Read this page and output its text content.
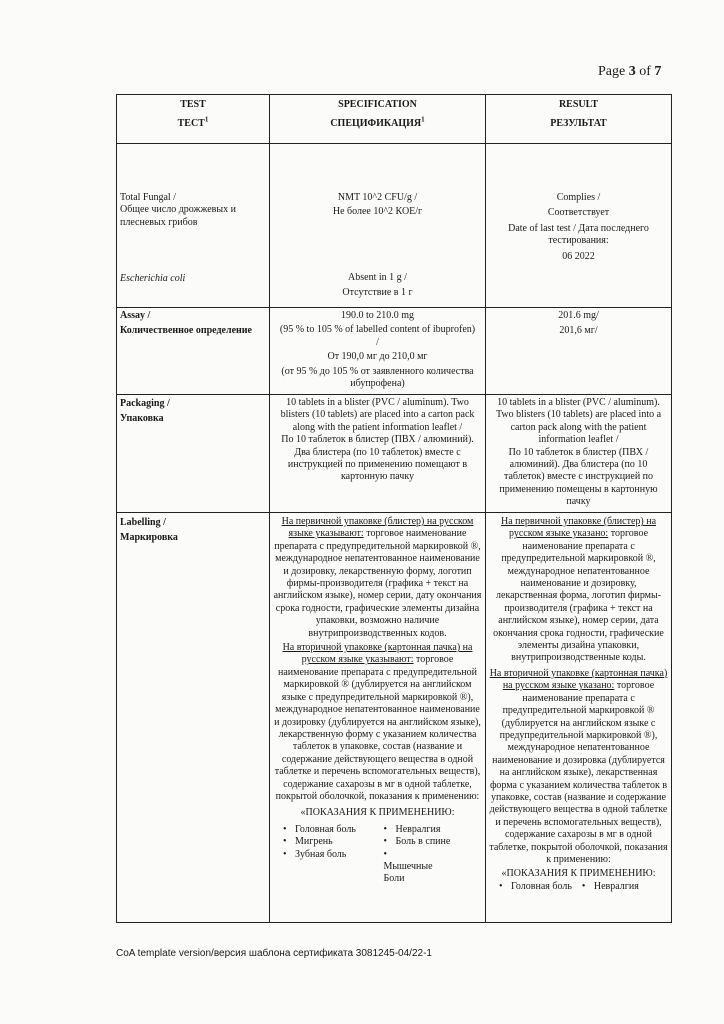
Page 3 of 7
TEST
ТЕСТ$^1$

SPECIFICATION
СПЕЦИФИКАЦИЯ$^1$

RESULT
РЕЗУЛЬТАТ

Total Fungal /
Общее число дрожжевых и плесневых грибов
Escherichia coli

NMT 10^2 CFU/g /
Не более 10^2 КОЕ/г
Absent in 1 g /
Отсутствие в 1 г

Complies /
Соответствует
Date of last test / Дата последнего тестирования:
06 2022

Assay /
Количественное определение

190.0 to 210.0 mg
(95 % to 105 % of labelled content of ibuprofen)
/
От 190,0 мг до 210,0 мг
(от 95 % до 105 % от заявленного количества ибупрофена)

201.6 mg/
201,6 мг/

Packaging /
Упаковка

10 tablets in a blister (PVC / aluminum). Two blisters (10 tablets) are placed into a carton pack along with the patient information leaflet /
По 10 таблеток в блистер (ПВХ / алюминий). Два блистера (по 10 таблеток) вместе с инструкцией по применению помещают в картонную пачку

10 tablets in a blister (PVC / aluminum). Two blisters (10 tablets) are placed into a carton pack along with the patient information leaflet /
По 10 таблеток в блистер (ПВХ / алюминий). Два блистера (по 10 таблеток) вместе с инструкцией по применению помещены в картонную пачку

Labelling /
Маркировка

На первичной упаковке (блистер) на русском языке указывают: торговое наименование препарата с предупредительной маркировкой ®, международное непатентованное наименование и дозировку, лекарственную форму, логотип фирмы-производителя (графика + текст на английском языке), номер серии, дату окончания срока годности, графические элементы дизайна упаковки, возможно наличие внутрипроизводственных кодов.
На вторичной упаковке (картонная пачка) на русском языке указывают: торговое наименование препарата с предупредительной маркировкой ® (дублируется на английском языке с предупредительной маркировкой ®), международное непатентованное наименование и дозировку (дублируется на английском языке), лекарственную форму с указанием количества таблеток в упаковке, состав (название и содержание действующего вещества в одной таблетке и перечень вспомогательных веществ), содержание сахарозы в мг в одной таблетке, покрытой оболочкой, показания к применению:
«ПОКАЗАНИЯ К ПРИМЕНЕНИЮ:
• Головная боль
• Мигрень
• Зубная боль
• Невралгия
• Боль в спине
• Мышечные Боли

На первичной упаковке (блистер) на русском языке указано: торговое наименование препарата с предупредительной маркировкой ®, международное непатентованное наименование и дозировку, лекарственная форма, логотип фирмы-производителя (графика + текст на английском языке), номер серии, дата окончания срока годности, графические элементы дизайна упаковки, внутрипроизводственные коды.
На вторичной упаковке (картонная пачка) на русском языке указано: торговое наименование препарата с предупредительной маркировкой ® (дублируется на английском языке с предупредительной маркировкой ®), международное непатентованное наименование и дозировка (дублируется на английском языке), лекарственная форма с указанием количества таблеток в упаковке, состав (название и содержание действующего вещества в одной таблетке и перечень вспомогательных веществ), содержание сахарозы в мг в одной таблетке, покрытой оболочкой, показания к применению:
«ПОКАЗАНИЯ К ПРИМЕНЕНИЮ:
• Головная боль
•	Невралгия
CoA template version/версия шаблона сертификата 3081245-04/22-1
